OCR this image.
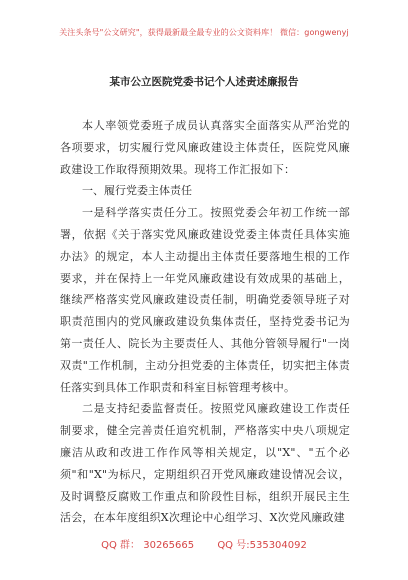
关注头条号"公文研究"，获得最新最全最专业的公文资料库！ 微信：gongwenyj
某市公立医院党委书记个人述责述廉报告

本人率领党委班子成员认真落实全面落实从严治党的各项要求，切实履行党风廉政建设主体责任，医院党风廉政建设工作取得预期效果。现将工作汇报如下：

一、履行党委主体责任

一是科学落实责任分工。按照党委会年初工作统一部署，依据《关于落实党风廉政建设党委主体责任具体实施办法》的规定，本人主动提出主体责任要落地生根的工作要求，并在保持上一年党风廉政建设有效成果的基础上，继续严格落实党风廉政建设责任制，明确党委领导班子对职责范围内的党风廉政建设负集体责任，坚持党委书记为第一责任人、院长为主要责任人、其他分管领导履行"一岗双责"工作机制，主动分担党委的主体责任，切实把主体责任落实到具体工作职责和科室目标管理考核中。

二是支持纪委监督责任。按照党风廉政建设工作责任制要求，健全完善责任追究机制，严格落实中央八项规定廉洁从政和改进工作作风等相关规定，以"X"、"五个必须"和"X"为标尺，定期组织召开党风廉政建设情况会议，及时调整反腐败工作重点和阶段性目标，组织开展民主生活会，在本年度组织X次理论中心组学习、X次党风廉政建

QQ 群： 30265665 QQ 号:535304092
